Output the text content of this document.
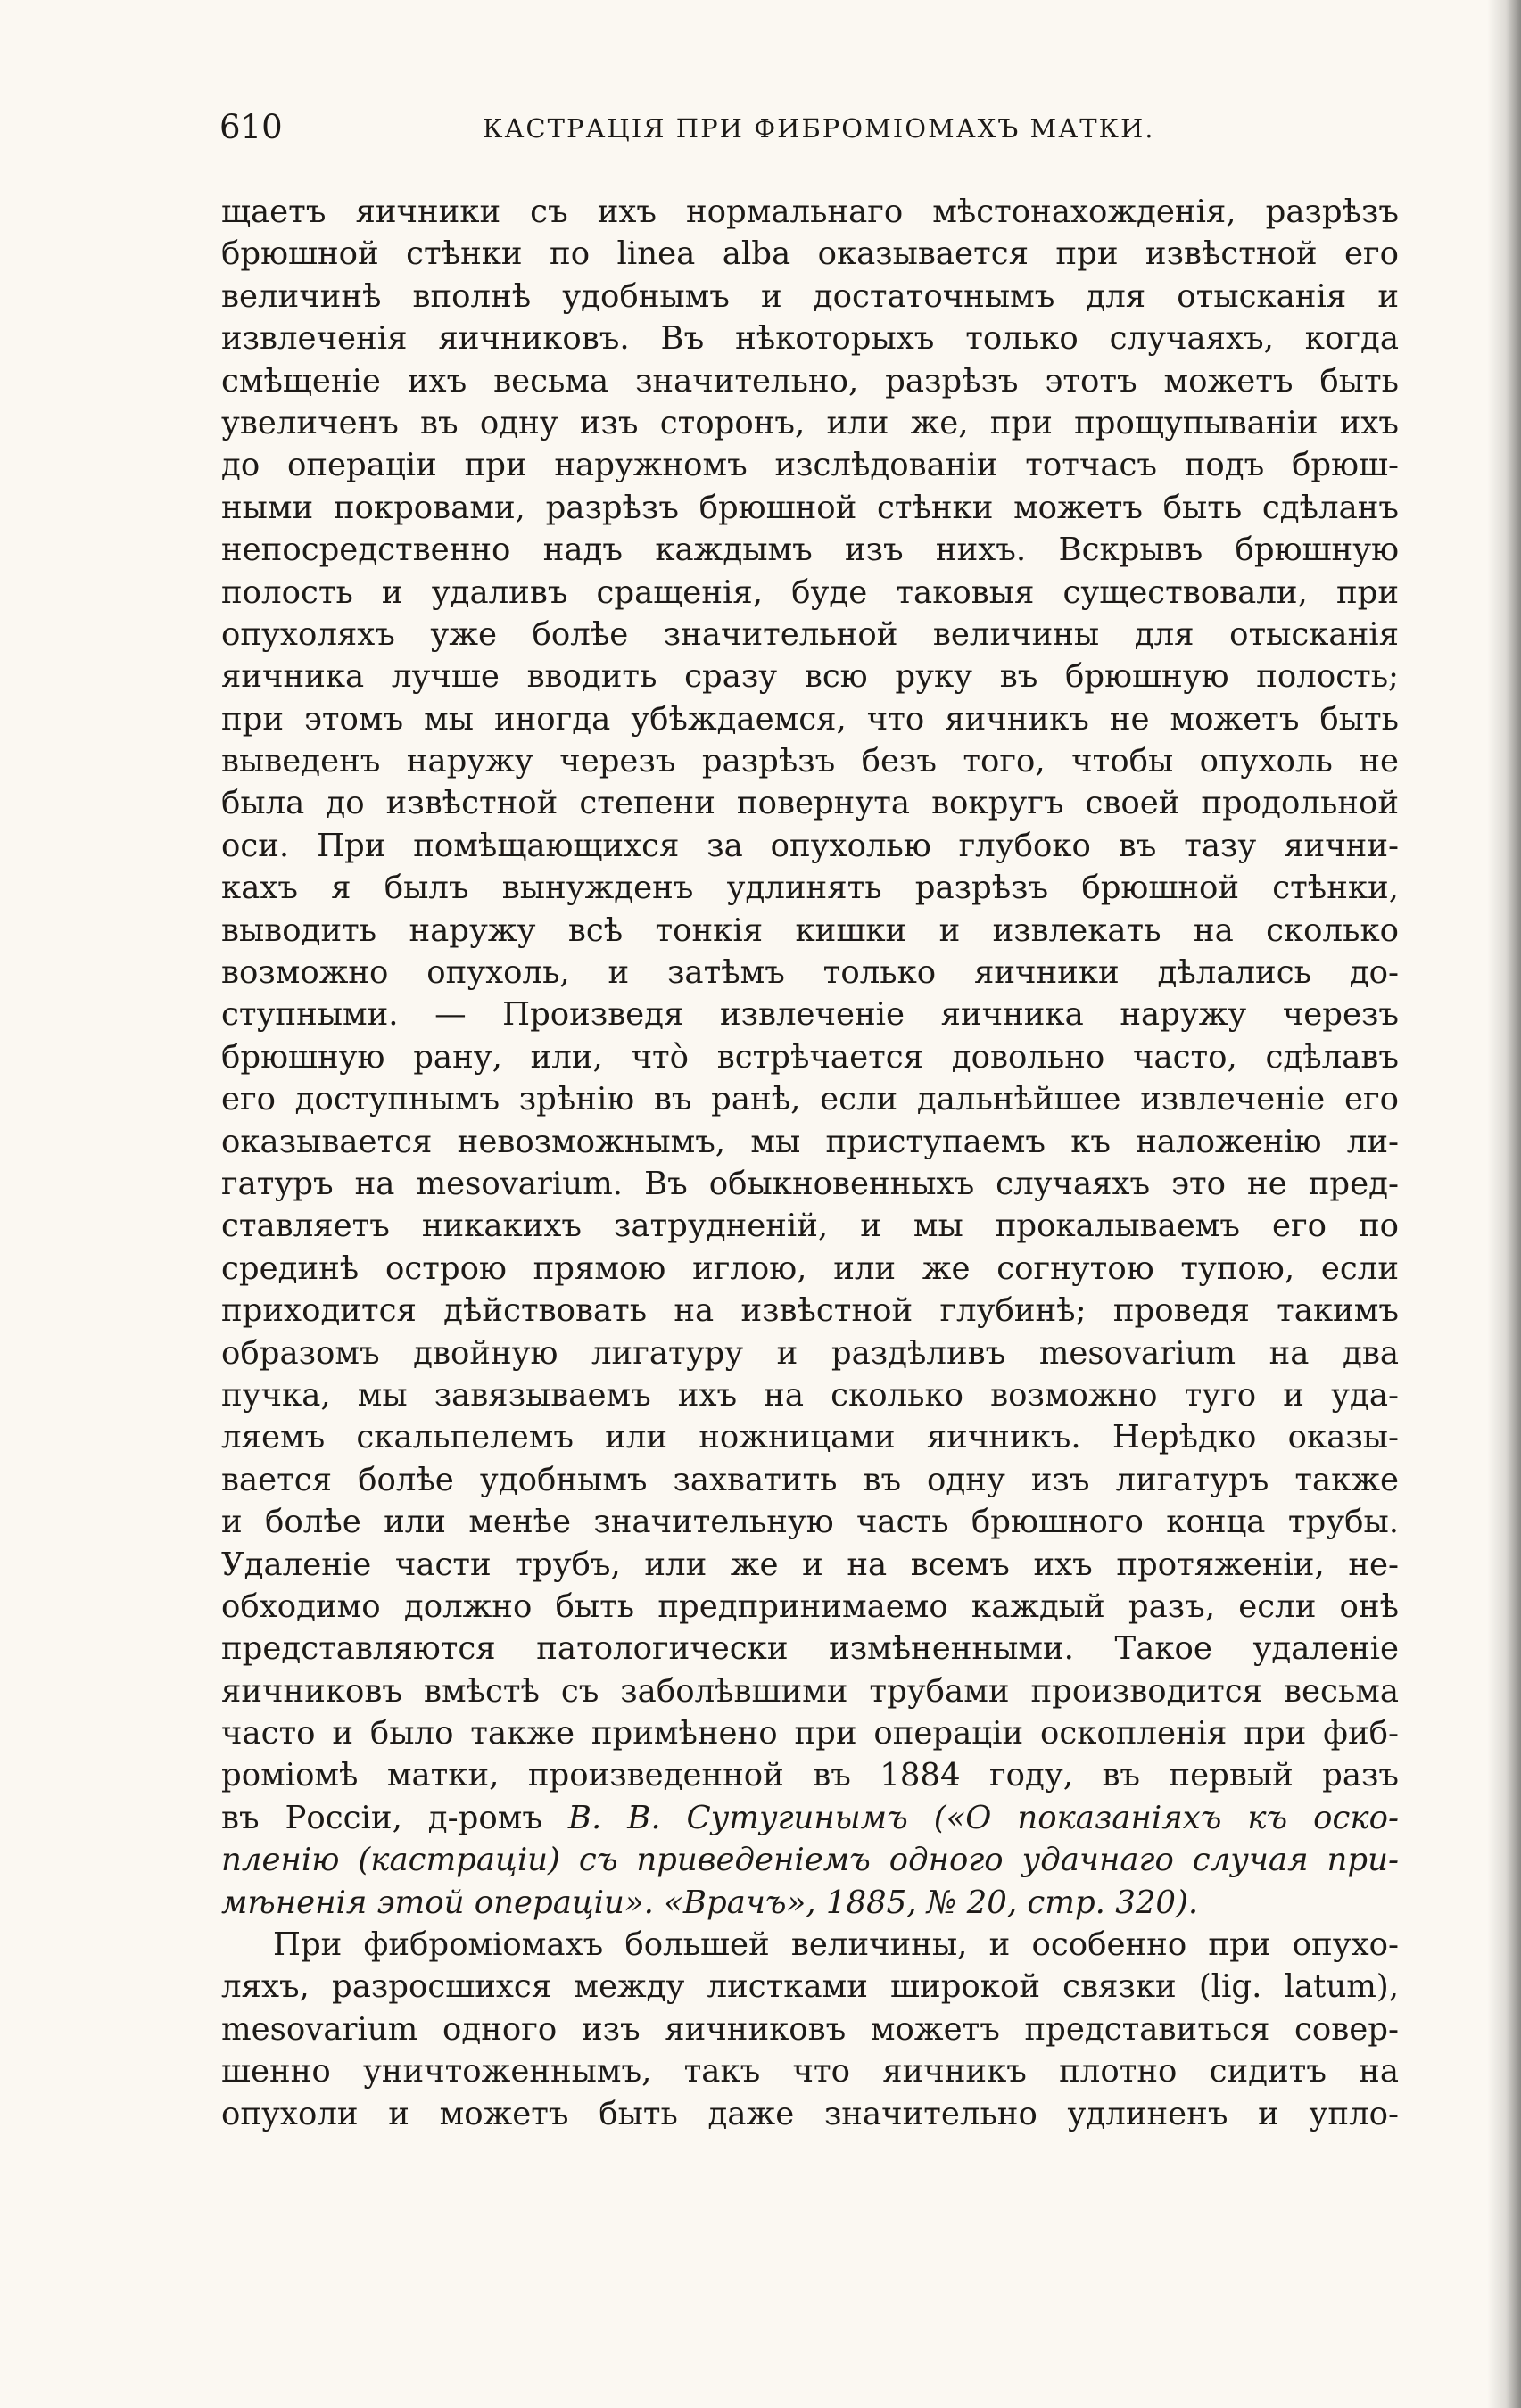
610	КАСТРАЦІЯ ПРИ ФИБРОМІОМАХЪ МАТКИ.
щаетъ яичники съ ихъ нормальнаго мѣстонахожденія, разрѣзъ
брюшной стѣнки по linea alba оказывается при извѣстной его
величинѣ вполнѣ удобнымъ и достаточнымъ для отысканія и
извлеченія яичниковъ. Въ нѣкоторыхъ только случаяхъ, когда
смѣщеніе ихъ весьма значительно, разрѣзъ этотъ можетъ быть
увеличенъ въ одну изъ сторонъ, или же, при прощупываніи ихъ
до операціи при наружномъ изслѣдованіи тотчасъ подъ брюш-
ными покровами, разрѣзъ брюшной стѣнки можетъ быть сдѣланъ
непосредственно надъ каждымъ изъ нихъ. Вскрывъ брюшную
полость и удаливъ сращенія, буде таковыя существовали, при
опухоляхъ уже болѣе значительной величины для отысканія
яичника лучше вводить сразу всю руку въ брюшную полость;
при этомъ мы иногда убѣждаемся, что яичникъ не можетъ быть
выведенъ наружу черезъ разрѣзъ безъ того, чтобы опухоль не
была до извѣстной степени повернута вокругъ своей продольной
оси. При помѣщающихся за опухолью глубоко въ тазу яични-
кахъ я былъ вынужденъ удлинять разрѣзъ брюшной стѣнки,
выводить наружу всѣ тонкія кишки и извлекать на сколько
возможно опухоль, и затѣмъ только яичники дѣлались до-
ступными. — Произведя извлеченіе яичника наружу черезъ
брюшную рану, или, что̀ встрѣчается довольно часто, сдѣлавъ
его доступнымъ зрѣнію въ ранѣ, если дальнѣйшее извлеченіе его
оказывается невозможнымъ, мы приступаемъ къ наложенію ли-
гатуръ на mesovarium. Въ обыкновенныхъ случаяхъ это не пред-
ставляетъ никакихъ затрудненій, и мы прокалываемъ его по
срединѣ острою прямою иглою, или же согнутою тупою, если
приходится дѣйствовать на извѣстной глубинѣ; проведя такимъ
образомъ двойную лигатуру и раздѣливъ mesovarium на два
пучка, мы завязываемъ ихъ на сколько возможно туго и уда-
ляемъ скальпелемъ или ножницами яичникъ. Нерѣдко оказы-
вается болѣе удобнымъ захватить въ одну изъ лигатуръ также
и болѣе или менѣе значительную часть брюшного конца трубы.
Удаленіе части трубъ, или же и на всемъ ихъ протяженіи, не-
обходимо должно быть предпринимаемо каждый разъ, если онѣ
представляются патологически измѣненными. Такое удаленіе
яичниковъ вмѣстѣ съ заболѣвшими трубами производится весьма
часто и было также примѣнено при операціи оскопленія при фиб-
роміомѣ матки, произведенной въ 1884 году, въ первый разъ
въ Россіи, д-ромъ В. В. Сутугинымъ («О показаніяхъ къ оско-
пленію (кастраціи) съ приведеніемъ одного удачнаго случая при-
мѣненія этой операціи». «Врачъ», 1885, № 20, стр. 320).
При фиброміомахъ большей величины, и особенно при опухо-
ляхъ, разросшихся между листками широкой связки (lig. latum),
mesovarium одного изъ яичниковъ можетъ представиться совер-
шенно уничтоженнымъ, такъ что яичникъ плотно сидитъ на
опухоли и можетъ быть даже значительно удлиненъ и упло-
